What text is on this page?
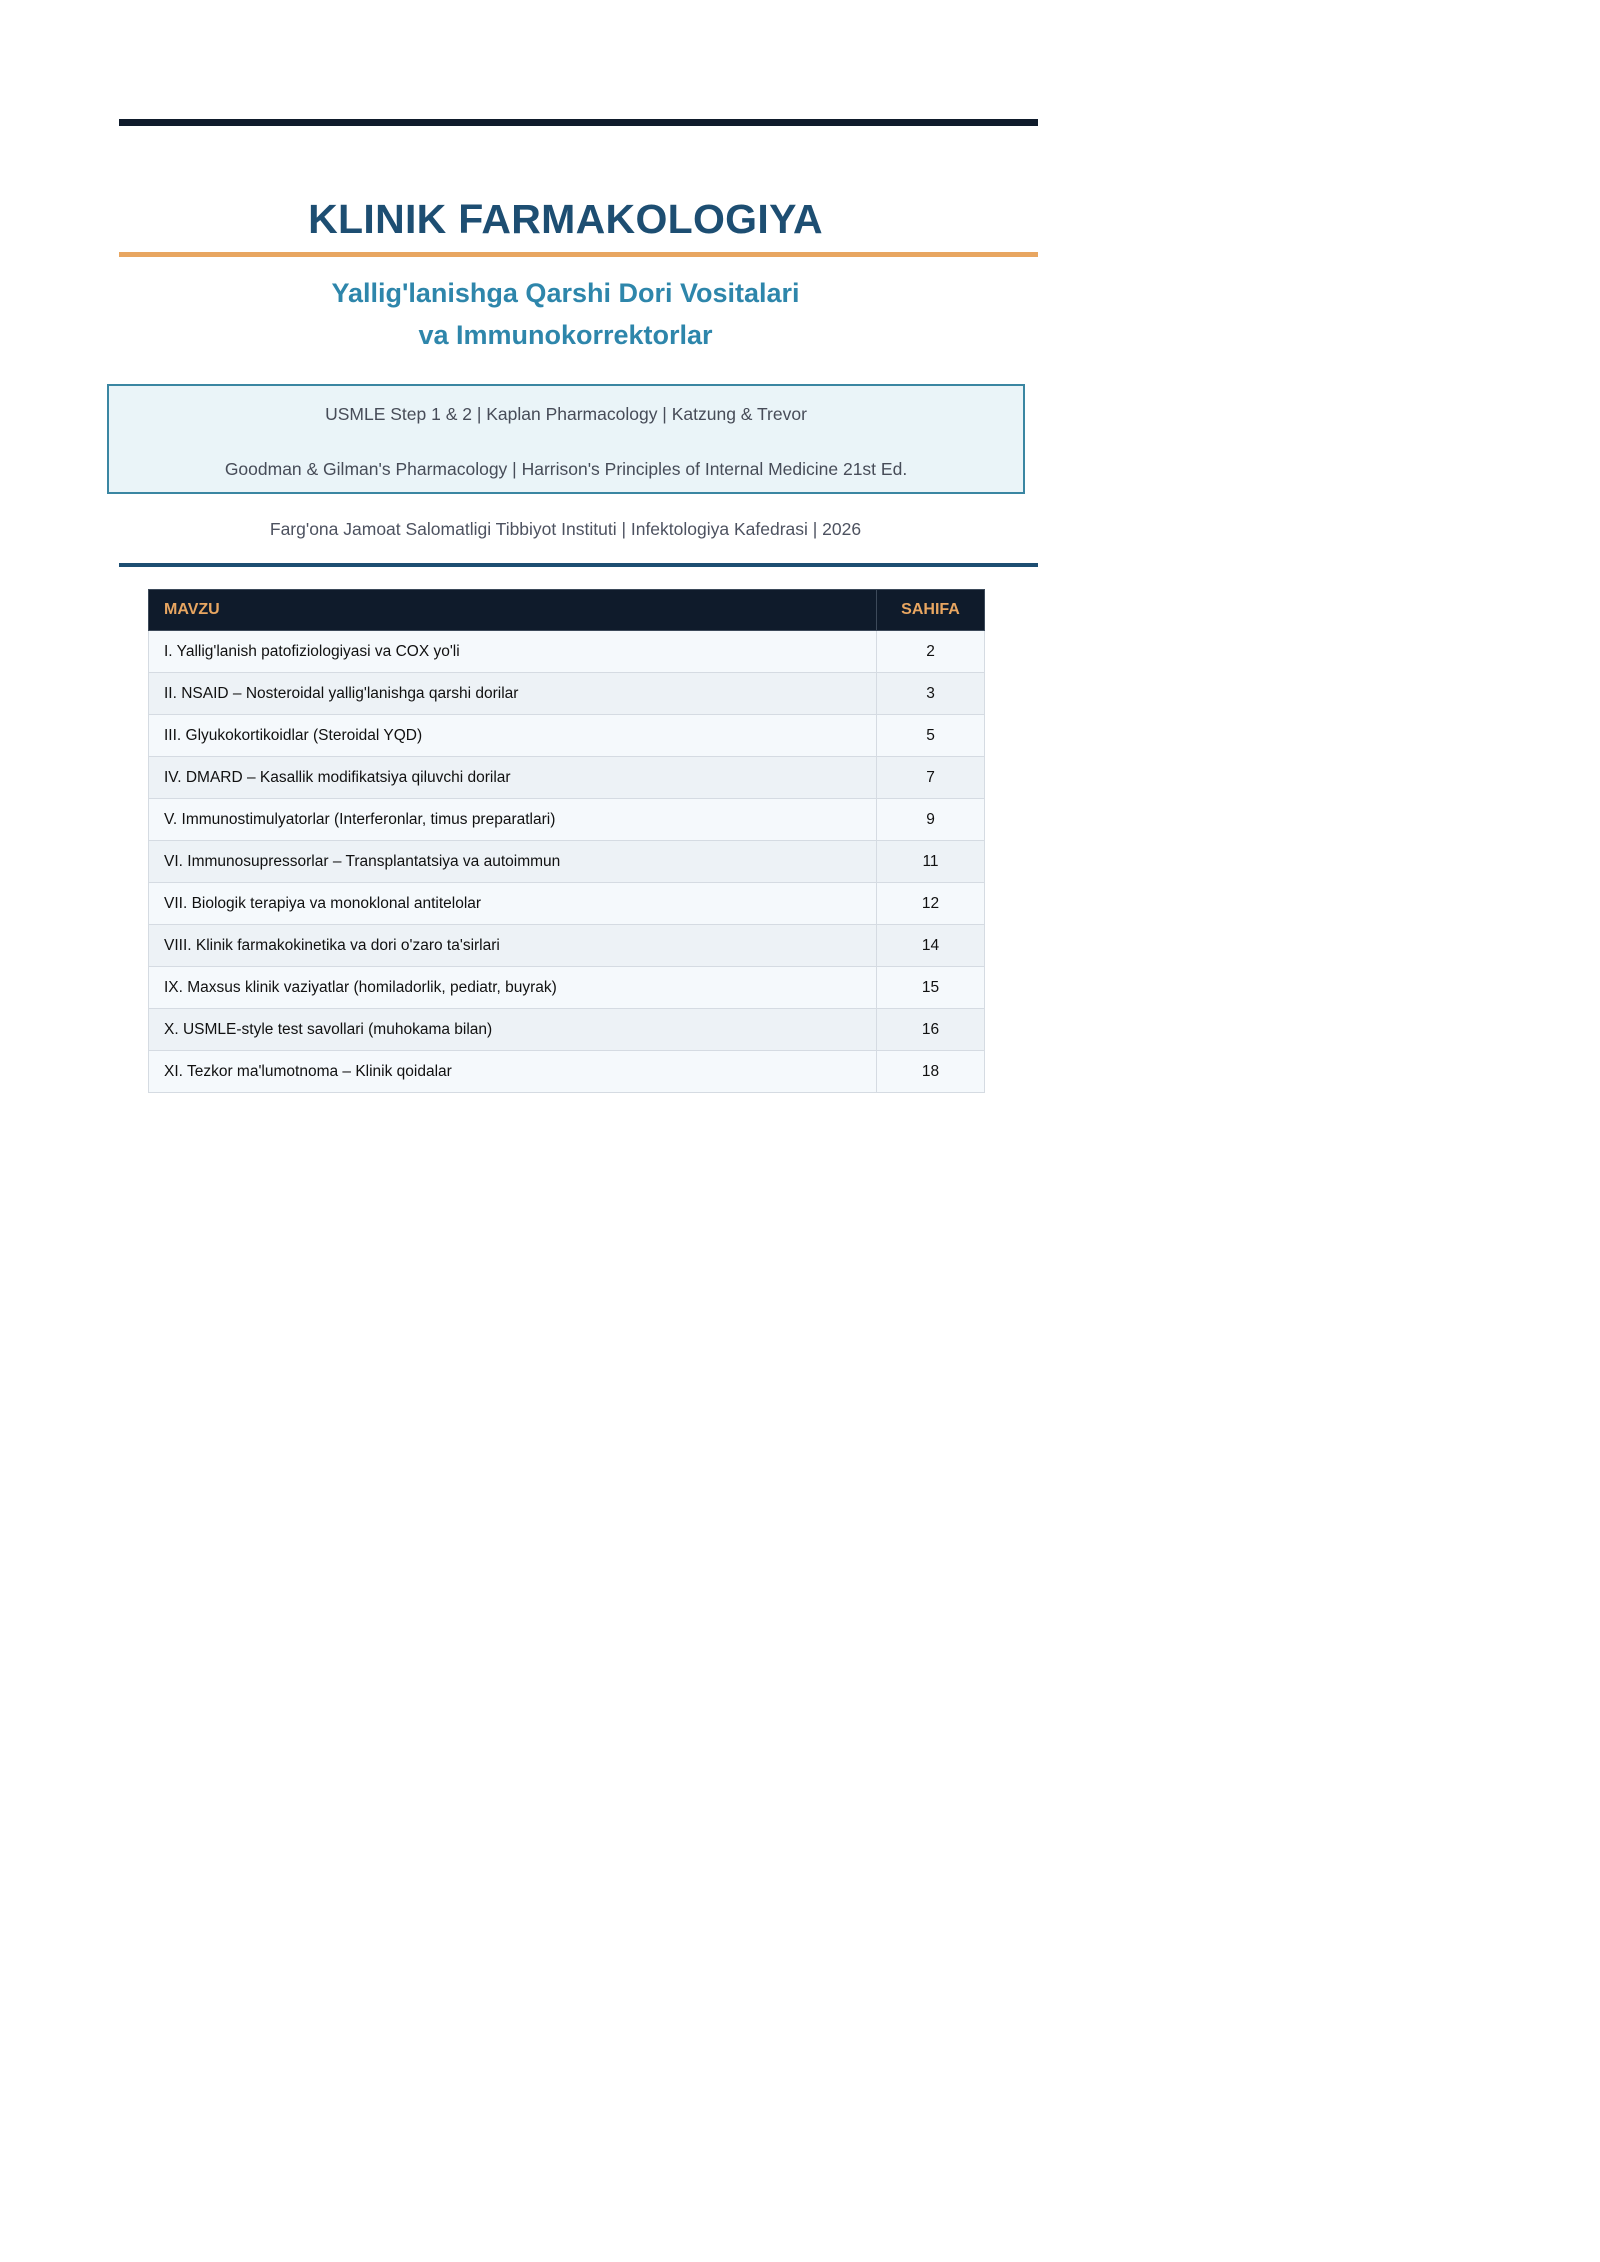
KLINIK FARMAKOLOGIYA
Yallig'lanishga Qarshi Dori Vositalari
va Immunokorrektorlar
USMLE Step 1 & 2 | Kaplan Pharmacology | Katzung & Trevor
Goodman & Gilman's Pharmacology | Harrison's Principles of Internal Medicine 21st Ed.
Farg'ona Jamoat Salomatligi Tibbiyot Instituti | Infektologiya Kafedrasi | 2026
MAVZU	SAHIFA
I. Yallig'lanish patofiziologiyasi va COX yo'li	2
II. NSAID – Nosteroidal yallig'lanishga qarshi dorilar	3
III. Glyukokortikoidlar (Steroidal YQD)	5
IV. DMARD – Kasallik modifikatsiya qiluvchi dorilar	7
V. Immunostimulyatorlar (Interferonlar, timus preparatlari)	9
VI. Immunosupressorlar – Transplantatsiya va autoimmun	11
VII. Biologik terapiya va monoklonal antitelolar	12
VIII. Klinik farmakokinetika va dori o'zaro ta'sirlari	14
IX. Maxsus klinik vaziyatlar (homiladorlik, pediatr, buyrak)	15
X. USMLE-style test savollari (muhokama bilan)	16
XI. Tezkor ma'lumotnoma – Klinik qoidalar	18
